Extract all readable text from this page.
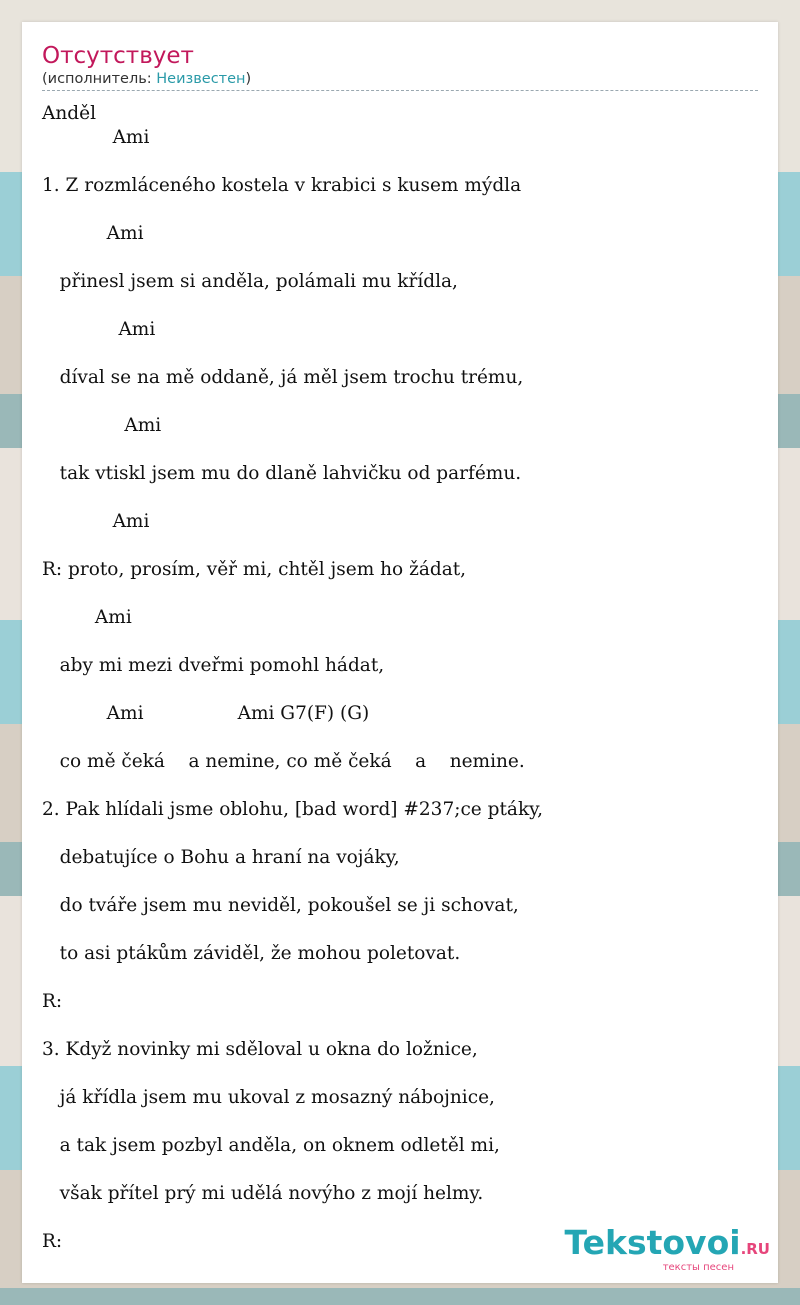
Отсутствует
(исполнитель: Неизвестен)
Anděl
Ami
1. Z rozmláceného kostela v krabici s kusem mýdla
Ami
přinesl jsem si anděla, polámali mu křídla,
Ami
díval se na mě oddaně, já měl jsem trochu trému,
Ami
tak vtiskl jsem mu do dlaně lahvičku od parfému.
Ami
R: proto, prosím, věř mi, chtěl jsem ho žádat,
Ami
aby mi mezi dveřmi pomohl hádat,
Ami                Ami G7(F) (G)
co mě čeká    a nemine, co mě čeká    a    nemine.
2. Pak hlídali jsme oblohu, [bad word] #237;ce ptáky,
debatujíce o Bohu a hraní na vojáky,
do tváře jsem mu neviděl, pokoušel se ji schovat,
to asi ptákům záviděl, že mohou poletovat.
R:
3. Když novinky mi sděloval u okna do ložnice,
já křídla jsem mu ukoval z mosazný nábojnice,
a tak jsem pozbyl anděla, on oknem odletěl mi,
však přítel prý mi udělá novýho z mojí helmy.
R:	Tekstovoi.RU
тексты песен
